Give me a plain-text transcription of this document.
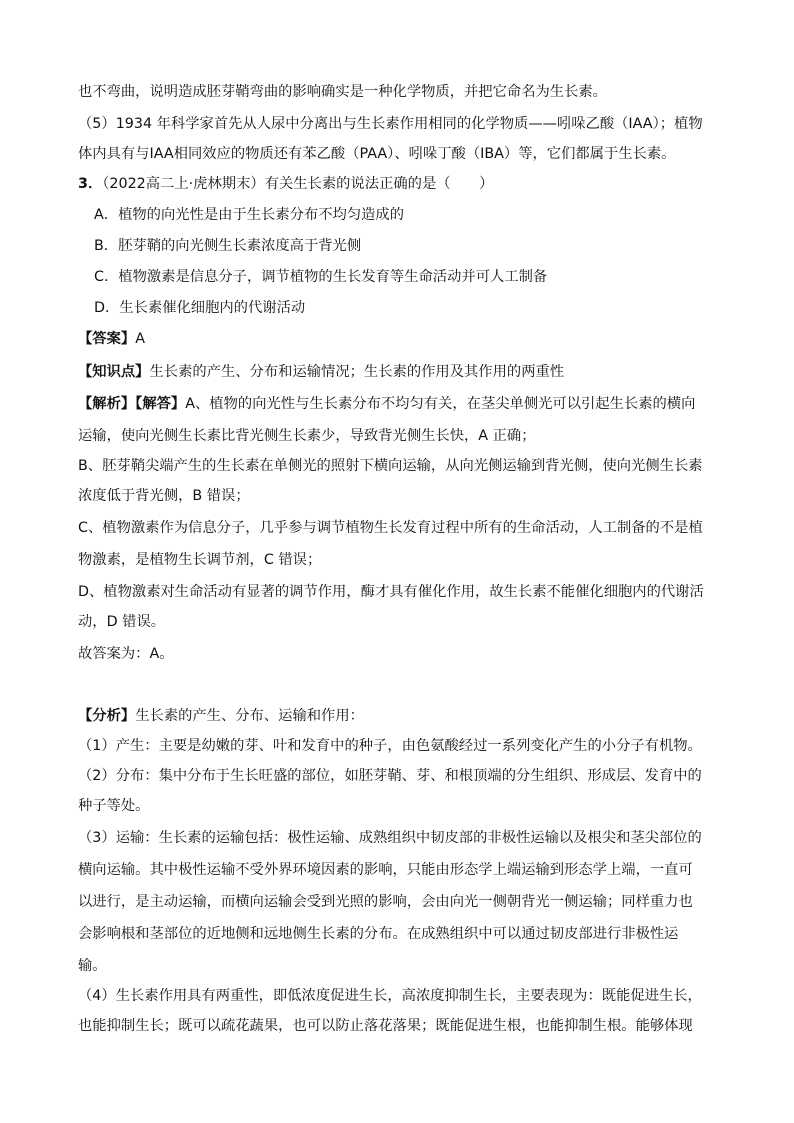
也不弯曲，说明造成胚芽鞘弯曲的影响确实是一种化学物质，并把它命名为生长素。
（5）1934 年科学家首先从人尿中分离出与生长素作用相同的化学物质——吲哚乙酸（IAA）；植物
体内具有与IAA相同效应的物质还有苯乙酸（PAA）、吲哚丁酸（IBA）等，它们都属于生长素。
3．（2022高二上·虎林期末）有关生长素的说法正确的是（　　）
A．植物的向光性是由于生长素分布不均匀造成的
B．胚芽鞘的向光侧生长素浓度高于背光侧
C．植物激素是信息分子，调节植物的生长发育等生命活动并可人工制备
D．生长素催化细胞内的代谢活动
【答案】A
【知识点】生长素的产生、分布和运输情况；生长素的作用及其作用的两重性
【解析】【解答】A、植物的向光性与生长素分布不均匀有关，在茎尖单侧光可以引起生长素的横向
运输，使向光侧生长素比背光侧生长素少，导致背光侧生长快，A 正确；
B、胚芽鞘尖端产生的生长素在单侧光的照射下横向运输，从向光侧运输到背光侧，使向光侧生长素
浓度低于背光侧，B 错误；
C、植物激素作为信息分子，几乎参与调节植物生长发育过程中所有的生命活动，人工制备的不是植
物激素，是植物生长调节剂，C 错误；
D、植物激素对生命活动有显著的调节作用，酶才具有催化作用，故生长素不能催化细胞内的代谢活
动，D 错误。
故答案为：A。
【分析】生长素的产生、分布、运输和作用：
（1）产生：主要是幼嫩的芽、叶和发育中的种子，由色氨酸经过一系列变化产生的小分子有机物。
（2）分布：集中分布于生长旺盛的部位，如胚芽鞘、芽、和根顶端的分生组织、形成层、发育中的
种子等处。
（3）运输：生长素的运输包括：极性运输、成熟组织中韧皮部的非极性运输以及根尖和茎尖部位的
横向运输。其中极性运输不受外界环境因素的影响，只能由形态学上端运输到形态学上端，一直可
以进行，是主动运输，而横向运输会受到光照的影响，会由向光一侧朝背光一侧运输；同样重力也
会影响根和茎部位的近地侧和远地侧生长素的分布。在成熟组织中可以通过韧皮部进行非极性运
输。
（4）生长素作用具有两重性，即低浓度促进生长，高浓度抑制生长，主要表现为：既能促进生长，
也能抑制生长；既可以疏花蔬果，也可以防止落花落果；既能促进生根，也能抑制生根。能够体现
